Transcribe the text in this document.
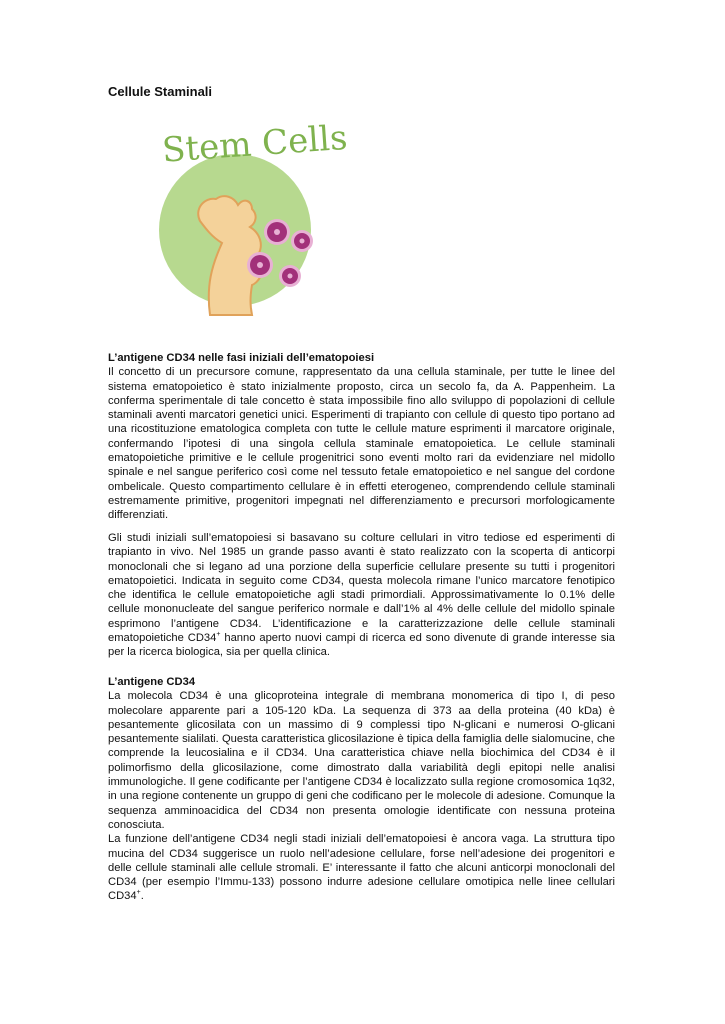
Cellule Staminali
Stem Cells
L’antigene CD34 nelle fasi iniziali dell’ematopoiesi

Il concetto di un precursore comune, rappresentato da una cellula staminale, per tutte le linee del sistema ematopoietico è stato inizialmente proposto, circa un secolo fa, da A. Pappenheim. La conferma sperimentale di tale concetto è stata impossibile fino allo sviluppo di popolazioni di cellule staminali aventi marcatori genetici unici. Esperimenti di trapianto con cellule di questo tipo portano ad una ricostituzione ematologica completa con tutte le cellule mature esprimenti il marcatore originale, confermando l’ipotesi di una singola cellula staminale ematopoietica. Le cellule staminali ematopoietiche primitive e le cellule progenitrici sono eventi molto rari da evidenziare nel midollo spinale e nel sangue periferico così come nel tessuto fetale ematopoietico e nel sangue del cordone ombelicale. Questo compartimento cellulare è in effetti eterogeneo, comprendendo cellule staminali estremamente primitive, progenitori impegnati nel differenziamento e precursori morfologicamente differenziati.

Gli studi iniziali sull’ematopoiesi si basavano su colture cellulari in vitro tediose ed esperimenti di trapianto in vivo. Nel 1985 un grande passo avanti è stato realizzato con la scoperta di anticorpi monoclonali che si legano ad una porzione della superficie cellulare presente su tutti i progenitori ematopoietici. Indicata in seguito come CD34, questa molecola rimane l’unico marcatore fenotipico che identifica le cellule ematopoietiche agli stadi primordiali. Approssimativamente lo 0.1% delle cellule mononucleate del sangue periferico normale e dall’1% al 4% delle cellule del midollo spinale esprimono l’antigene CD34. L’identificazione e la caratterizzazione delle cellule staminali ematopoietiche CD34+ hanno aperto nuovi campi di ricerca ed sono divenute di grande interesse sia per la ricerca biologica, sia per quella clinica.

L’antigene CD34

La molecola CD34 è una glicoproteina integrale di membrana monomerica di tipo I, di peso molecolare apparente pari a 105-120 kDa. La sequenza di 373 aa della proteina (40 kDa) è pesantemente glicosilata con un massimo di 9 complessi tipo N-glicani e numerosi O-glicani pesantemente sialilati. Questa caratteristica glicosilazione è tipica della famiglia delle sialomucine, che comprende la leucosialina e il CD34. Una caratteristica chiave nella biochimica del CD34 è il polimorfismo della glicosilazione, come dimostrato dalla variabilità degli epitopi nelle analisi immunologiche. Il gene codificante per l’antigene CD34 è localizzato sulla regione cromosomica 1q32, in una regione contenente un gruppo di geni che codificano per le molecole di adesione. Comunque la sequenza amminoacidica del CD34 non presenta omologie identificate con nessuna proteina conosciuta.

La funzione dell’antigene CD34 negli stadi iniziali dell’ematopoiesi è ancora vaga. La struttura tipo mucina del CD34 suggerisce un ruolo nell’adesione cellulare, forse nell’adesione dei progenitori e delle cellule staminali alle cellule stromali. E’ interessante il fatto che alcuni anticorpi monoclonali del CD34 (per esempio l’Immu-133) possono indurre adesione cellulare omotipica nelle linee cellulari CD34+.
